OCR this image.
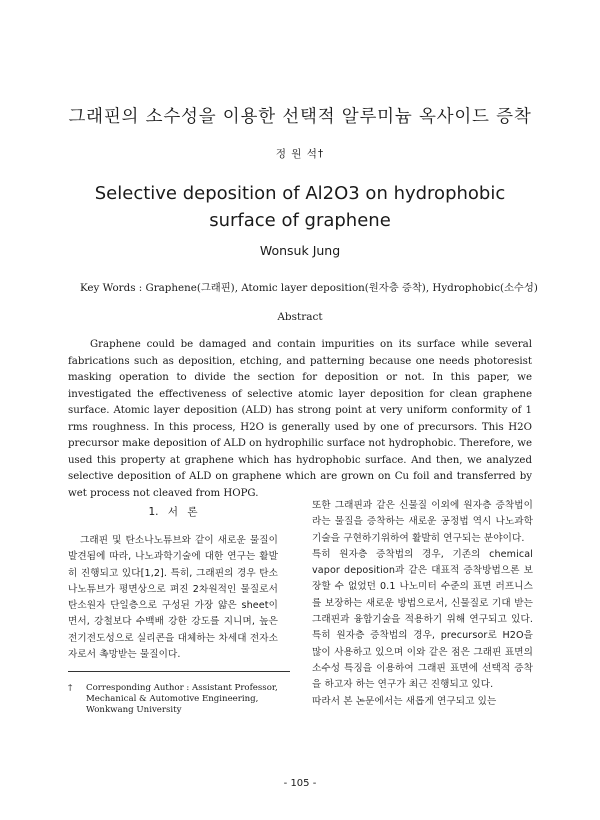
그래핀의 소수성을 이용한 선택적 알루미늄 옥사이드 증착
정 원 석†
Selective deposition of Al2O3 on hydrophobic surface of graphene
Wonsuk Jung
Key Words : Graphene(그래핀), Atomic layer deposition(원자층 증착), Hydrophobic(소수성)
Abstract

Graphene could be damaged and contain impurities on its surface while several fabrications such as deposition, etching, and patterning because one needs photoresist masking operation to divide the section for deposition or not. In this paper, we investigated the effectiveness of selective atomic layer deposition for clean graphene surface. Atomic layer deposition (ALD) has strong point at very uniform conformity of 1 rms roughness. In this process, H2O is generally used by one of precursors. This H2O precursor make deposition of ALD on hydrophilic surface not hydrophobic. Therefore, we used this property at graphene which has hydrophobic surface. And then, we analyzed selective deposition of ALD on graphene which are grown on Cu foil and transferred by wet process not cleaved from HOPG.

1. 서 론

그래핀 및 탄소나노튜브와 같이 새로운 물질이 발견됨에 따라, 나노과학기술에 대한 연구는 활발히 진행되고 있다[1,2]. 특히, 그래핀의 경우 탄소나노튜브가 평면상으로 펴진 2차원적인 물질로서 탄소원자 단일층으로 구성된 가장 얇은 sheet이면서, 강철보다 수백배 강한 강도를 지니며, 높은 전기전도성으로 실리콘을 대체하는 차세대 전자소자로서 촉망받는 물질이다.

†	Corresponding Author : Assistant Professor, Mechanical & Automotive Engineering, Wonkwang University

또한 그래핀과 같은 신물질 이외에 원자층 증착법이라는 물질을 증착하는 새로운 공정법 역시 나노과학기술을 구현하기위하여 활발히 연구되는 분야이다.

특히 원자층 증착법의 경우, 기존의 chemical vapor deposition과 같은 대표적 증착방법으론 보장할 수 없었던 0.1 나노미터 수준의 표면 러프니스를 보장하는 새로운 방법으로서, 신물질로 기대 받는 그래핀과 융합기술을 적용하기 위해 연구되고 있다. 특히 원자층 증착법의 경우, precursor로 H2O을 많이 사용하고 있으며 이와 같은 점은 그래핀 표면의 소수성 특징을 이용하여 그래핀 표면에 선택적 증착을 하고자 하는 연구가 최근 진행되고 있다.

따라서 본 논문에서는 새롭게 연구되고 있는

- 105 -
